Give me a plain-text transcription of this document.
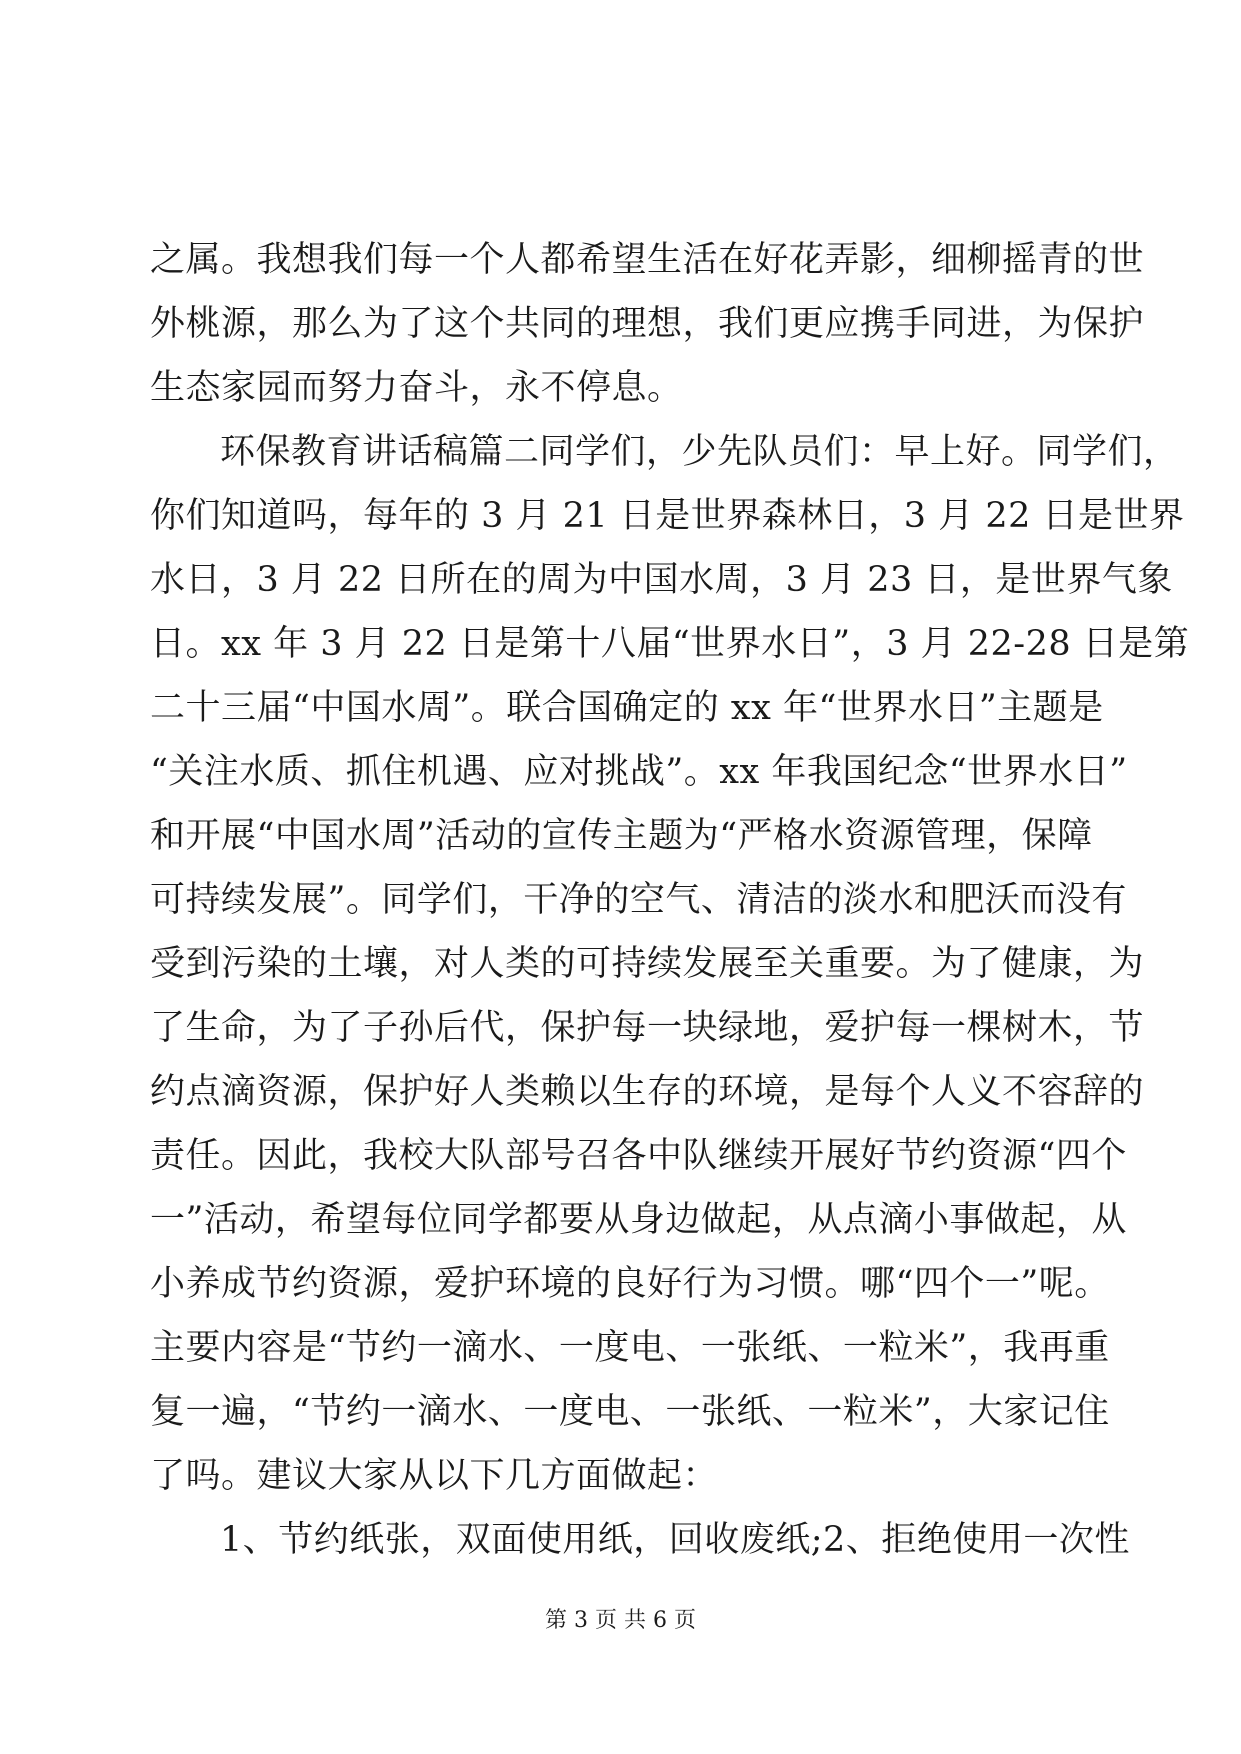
之属。我想我们每一个人都希望生活在好花弄影，细柳摇青的世
外桃源，那么为了这个共同的理想，我们更应携手同进，为保护
生态家园而努力奋斗，永不停息。
环保教育讲话稿篇二同学们，少先队员们：早上好。同学们，
你们知道吗，每年的 3 月 21 日是世界森林日，3 月 22 日是世界
水日，3 月 22 日所在的周为中国水周，3 月 23 日，是世界气象
日。xx 年 3 月 22 日是第十八届“世界水日”，3 月 22-28 日是第
二十三届“中国水周”。联合国确定的 xx 年“世界水日”主题是
“关注水质、抓住机遇、应对挑战”。xx 年我国纪念“世界水日”
和开展“中国水周”活动的宣传主题为“严格水资源管理，保障
可持续发展”。同学们，干净的空气、清洁的淡水和肥沃而没有
受到污染的土壤，对人类的可持续发展至关重要。为了健康，为
了生命，为了子孙后代，保护每一块绿地，爱护每一棵树木，节
约点滴资源，保护好人类赖以生存的环境，是每个人义不容辞的
责任。因此，我校大队部号召各中队继续开展好节约资源“四个
一”活动，希望每位同学都要从身边做起，从点滴小事做起，从
小养成节约资源，爱护环境的良好行为习惯。哪“四个一”呢。
主要内容是“节约一滴水、一度电、一张纸、一粒米”，我再重
复一遍，“节约一滴水、一度电、一张纸、一粒米”，大家记住
了吗。建议大家从以下几方面做起：
1、节约纸张，双面使用纸，回收废纸;2、拒绝使用一次性
第 3 页 共 6 页
